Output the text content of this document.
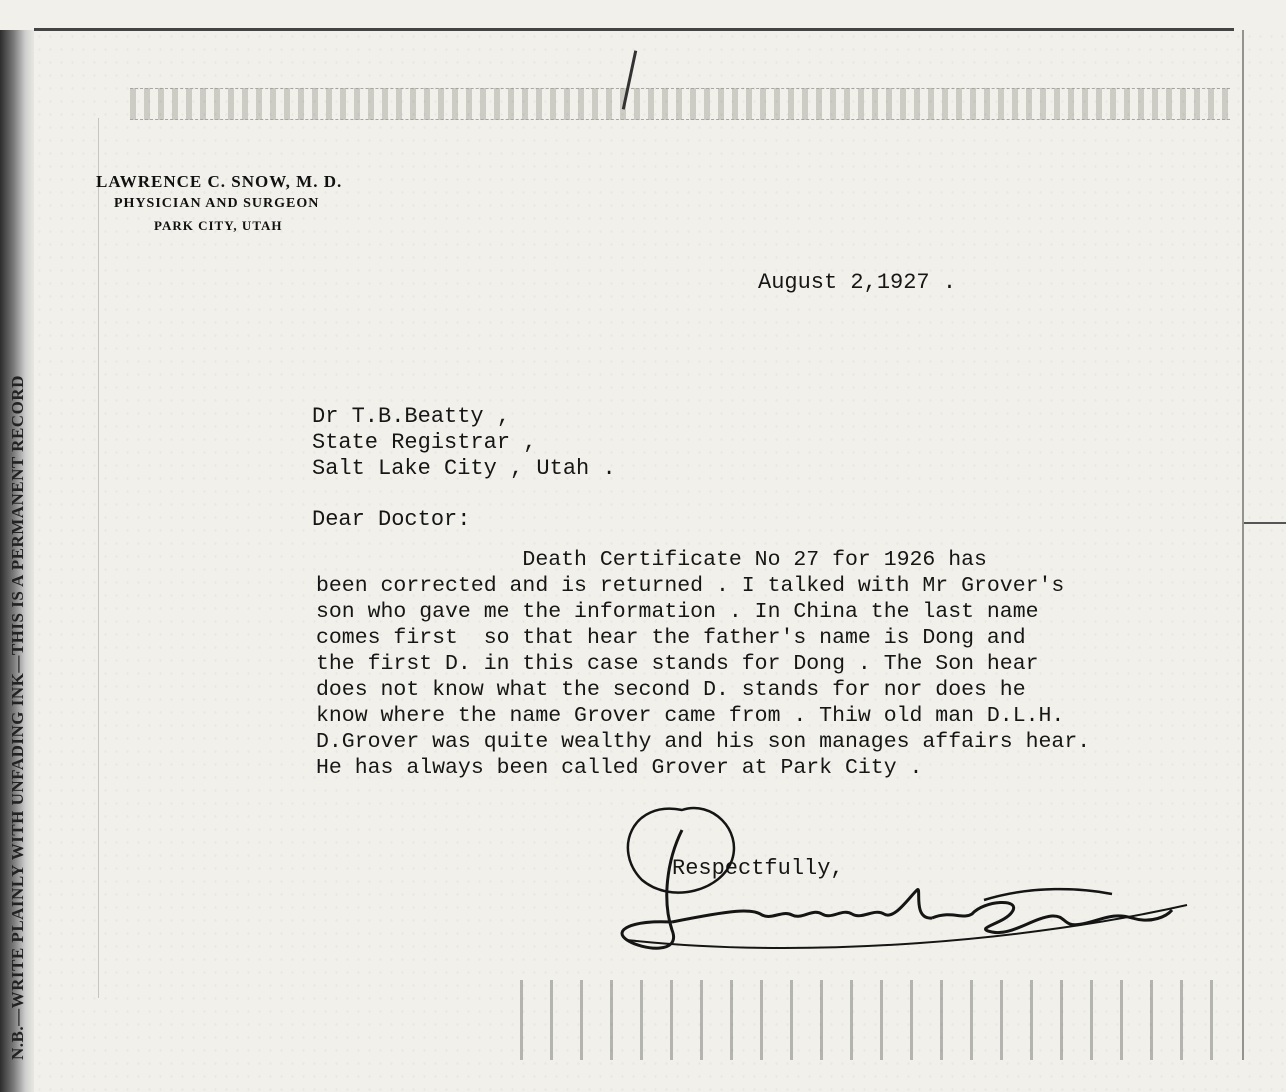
N.B.—WRITE PLAINLY WITH UNFADING INK—THIS IS A PERMANENT RECORD
LAWRENCE C. SNOW, M. D.
PHYSICIAN AND SURGEON
PARK CITY, UTAH
August 2,1927 .
Dr T.B.Beatty ,
State Registrar ,
Salt Lake City , Utah .
Dear Doctor:
Death Certificate No 27 for 1926 has
been corrected and is returned . I talked with Mr Grover's
son who gave me the information . In China the last name
comes first  so that hear the father's name is Dong and
the first D. in this case stands for Dong . The Son hear
does not know what the second D. stands for nor does he
know where the name Grover came from . Thiw old man D.L.H.
D.Grover was quite wealthy and his son manages affairs hear.
He has always been called Grover at Park City .
Respectfully,
